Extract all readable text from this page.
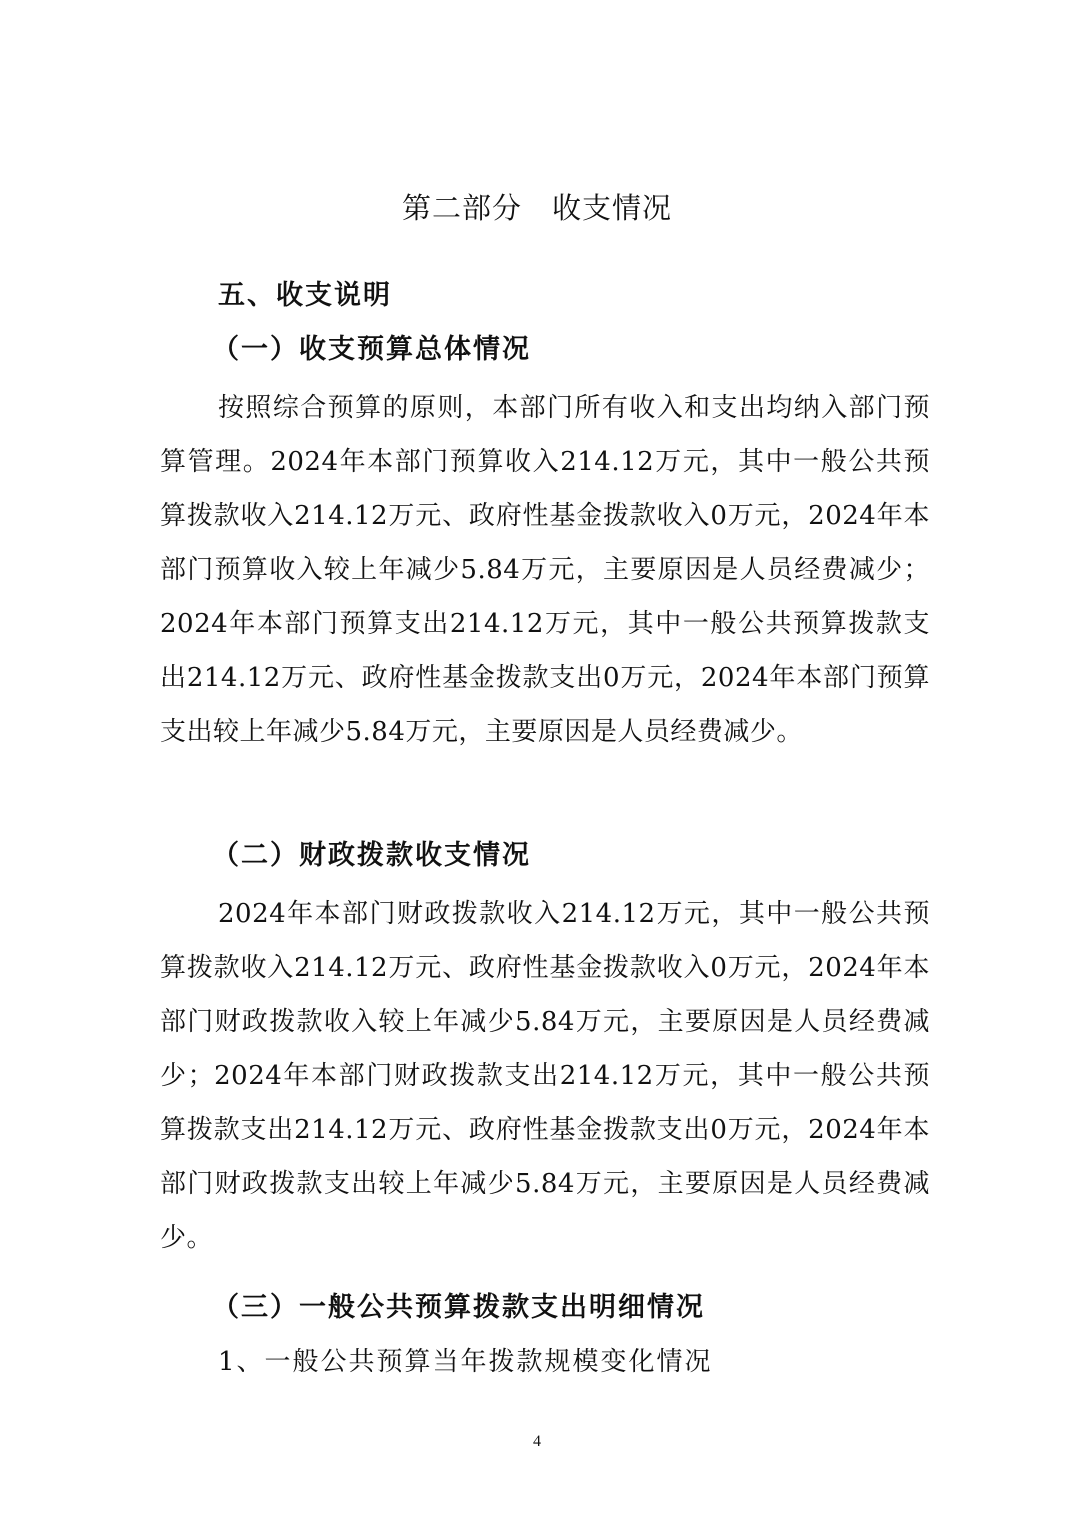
第二部分　收支情况
五、收支说明
（一）收支预算总体情况

按照综合预算的原则，本部门所有收入和支出均纳入部门预算管理。2024年本部门预算收入214.12万元，其中一般公共预算拨款收入214.12万元、政府性基金拨款收入0万元，2024年本部门预算收入较上年减少5.84万元，主要原因是人员经费减少；2024年本部门预算支出214.12万元，其中一般公共预算拨款支出214.12万元、政府性基金拨款支出0万元，2024年本部门预算支出较上年减少5.84万元，主要原因是人员经费减少。

（二）财政拨款收支情况

2024年本部门财政拨款收入214.12万元，其中一般公共预算拨款收入214.12万元、政府性基金拨款收入0万元，2024年本部门财政拨款收入较上年减少5.84万元，主要原因是人员经费减少；2024年本部门财政拨款支出214.12万元，其中一般公共预算拨款支出214.12万元、政府性基金拨款支出0万元，2024年本部门财政拨款支出较上年减少5.84万元，主要原因是人员经费减少。

（三）一般公共预算拨款支出明细情况
1、一般公共预算当年拨款规模变化情况
4
